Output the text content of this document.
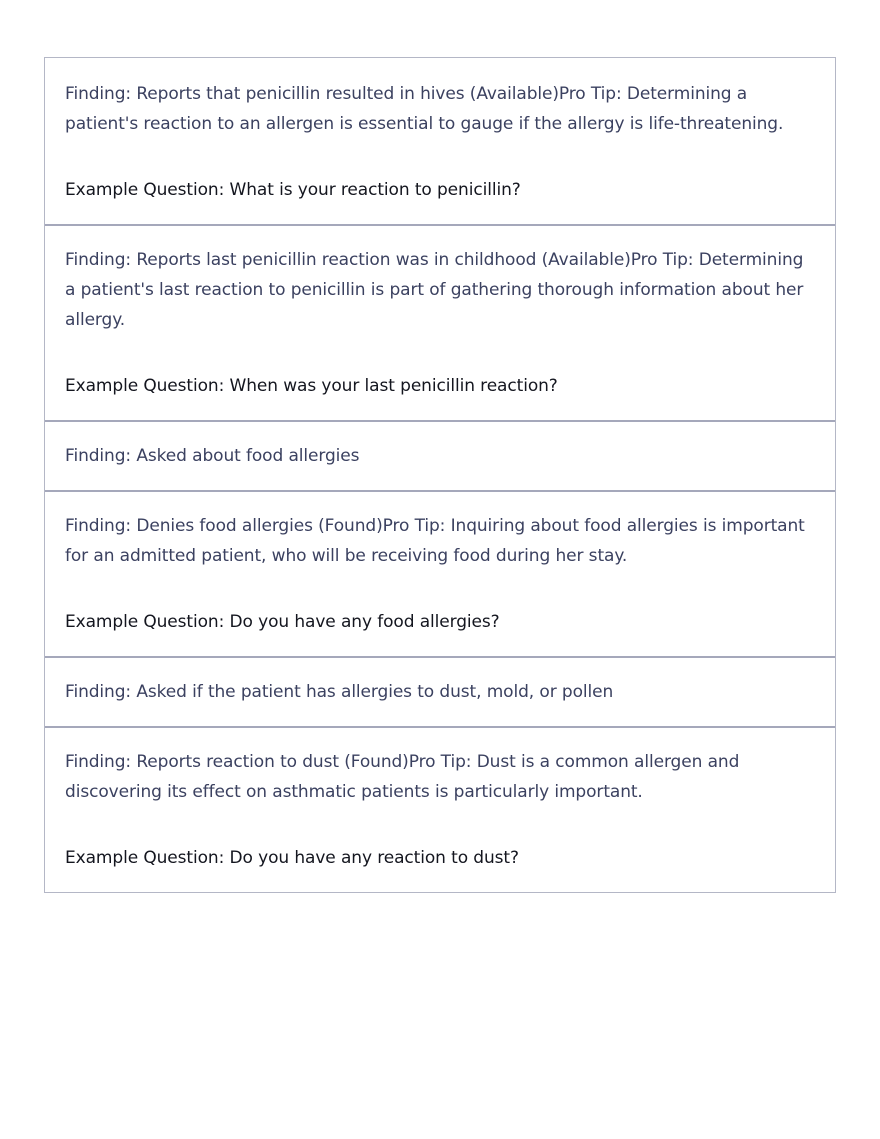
Finding: Reports that penicillin resulted in hives (Available)Pro Tip: Determining a patient's reaction to an allergen is essential to gauge if the allergy is life-threatening.

Example Question: What is your reaction to penicillin?

Finding: Reports last penicillin reaction was in childhood (Available)Pro Tip: Determining a patient's last reaction to penicillin is part of gathering thorough information about her allergy.

Example Question: When was your last penicillin reaction?

Finding: Asked about food allergies

Finding: Denies food allergies (Found)Pro Tip: Inquiring about food allergies is important for an admitted patient, who will be receiving food during her stay.

Example Question: Do you have any food allergies?

Finding: Asked if the patient has allergies to dust, mold, or pollen

Finding: Reports reaction to dust (Found)Pro Tip: Dust is a common allergen and discovering its effect on asthmatic patients is particularly important.

Example Question: Do you have any reaction to dust?
